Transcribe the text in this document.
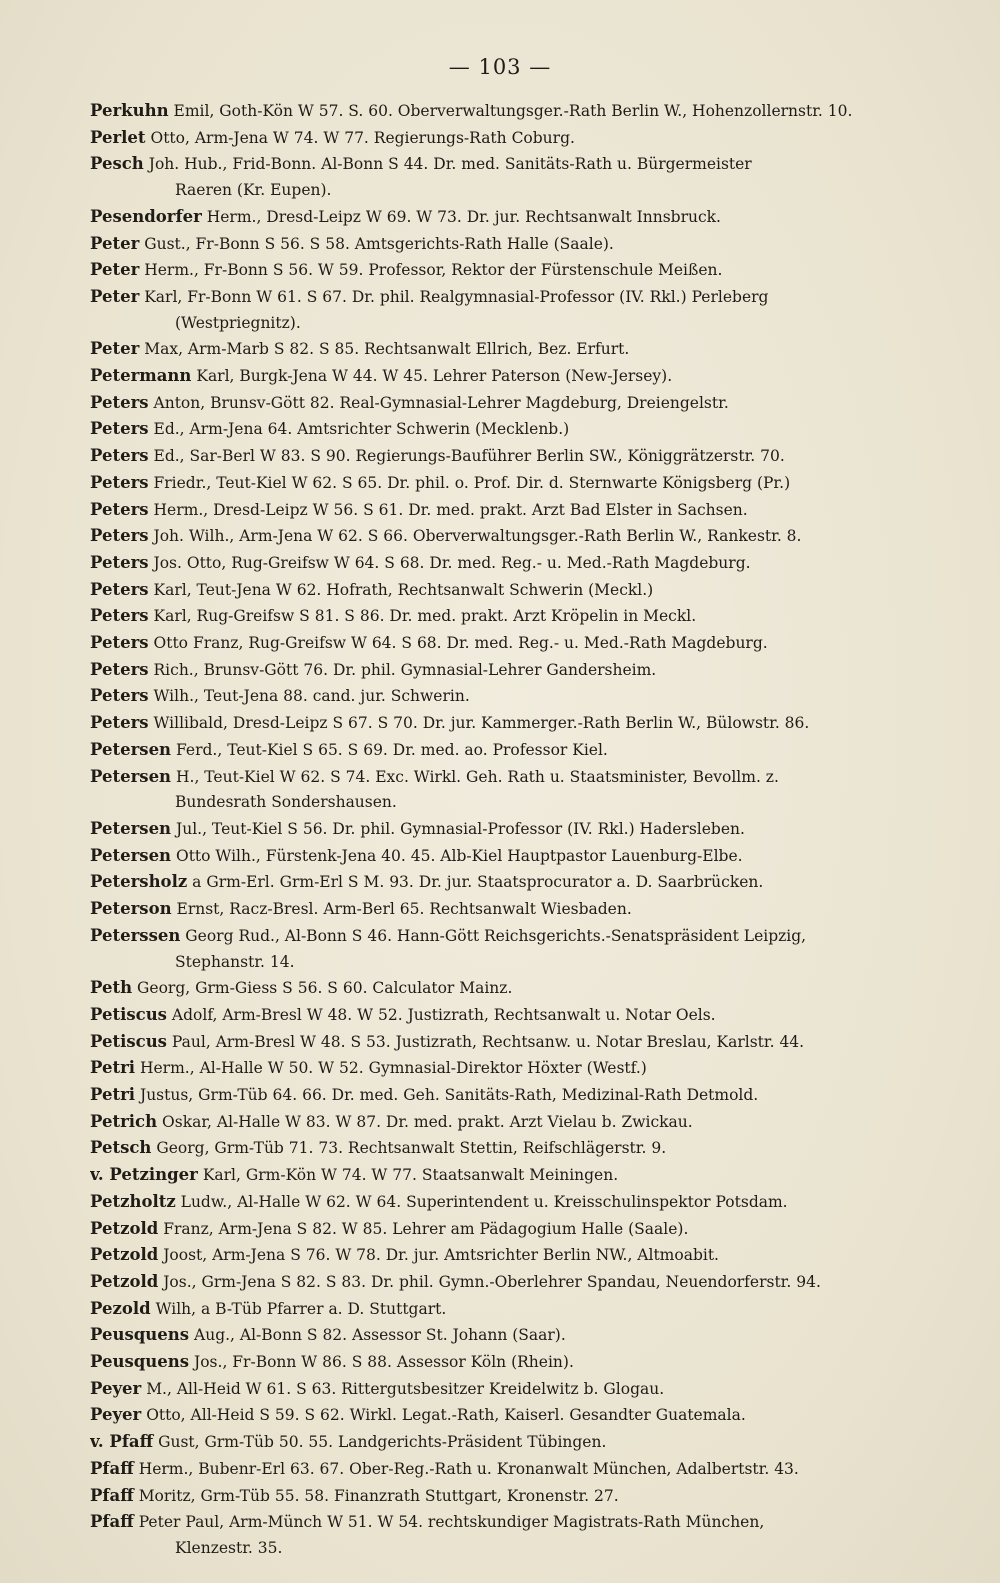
— 103 —
Perkuhn Emil, Goth-Kön W 57. S. 60. Oberverwaltungsger.-Rath Berlin W., Hohenzollernstr. 10.
Perlet Otto, Arm-Jena W 74. W 77. Regierungs-Rath Coburg.
Pesch Joh. Hub., Frid-Bonn. Al-Bonn S 44. Dr. med. Sanitäts-Rath u. Bürgermeister
Raeren (Kr. Eupen).
Pesendorfer Herm., Dresd-Leipz W 69. W 73. Dr. jur. Rechtsanwalt Innsbruck.
Peter Gust., Fr-Bonn S 56. S 58. Amtsgerichts-Rath Halle (Saale).
Peter Herm., Fr-Bonn S 56. W 59. Professor, Rektor der Fürstenschule Meißen.
Peter Karl, Fr-Bonn W 61. S 67. Dr. phil. Realgymnasial-Professor (IV. Rkl.) Perleberg
(Westpriegnitz).
Peter Max, Arm-Marb S 82. S 85. Rechtsanwalt Ellrich, Bez. Erfurt.
Petermann Karl, Burgk-Jena W 44. W 45. Lehrer Paterson (New-Jersey).
Peters Anton, Brunsv-Gött 82. Real-Gymnasial-Lehrer Magdeburg, Dreiengelstr.
Peters Ed., Arm-Jena 64. Amtsrichter Schwerin (Mecklenb.)
Peters Ed., Sar-Berl W 83. S 90. Regierungs-Bauführer Berlin SW., Königgrätzerstr. 70.
Peters Friedr., Teut-Kiel W 62. S 65. Dr. phil. o. Prof. Dir. d. Sternwarte Königsberg (Pr.)
Peters Herm., Dresd-Leipz W 56. S 61. Dr. med. prakt. Arzt Bad Elster in Sachsen.
Peters Joh. Wilh., Arm-Jena W 62. S 66. Oberverwaltungsger.-Rath Berlin W., Rankestr. 8.
Peters Jos. Otto, Rug-Greifsw W 64. S 68. Dr. med. Reg.- u. Med.-Rath Magdeburg.
Peters Karl, Teut-Jena W 62. Hofrath, Rechtsanwalt Schwerin (Meckl.)
Peters Karl, Rug-Greifsw S 81. S 86. Dr. med. prakt. Arzt Kröpelin in Meckl.
Peters Otto Franz, Rug-Greifsw W 64. S 68. Dr. med. Reg.- u. Med.-Rath Magdeburg.
Peters Rich., Brunsv-Gött 76. Dr. phil. Gymnasial-Lehrer Gandersheim.
Peters Wilh., Teut-Jena 88. cand. jur. Schwerin.
Peters Willibald, Dresd-Leipz S 67. S 70. Dr. jur. Kammerger.-Rath Berlin W., Bülowstr. 86.
Petersen Ferd., Teut-Kiel S 65. S 69. Dr. med. ao. Professor Kiel.
Petersen H., Teut-Kiel W 62. S 74. Exc. Wirkl. Geh. Rath u. Staatsminister, Bevollm. z.
Bundesrath Sondershausen.
Petersen Jul., Teut-Kiel S 56. Dr. phil. Gymnasial-Professor (IV. Rkl.) Hadersleben.
Petersen Otto Wilh., Fürstenk-Jena 40. 45. Alb-Kiel Hauptpastor Lauenburg-Elbe.
Petersholz a Grm-Erl. Grm-Erl S M. 93. Dr. jur. Staatsprocurator a. D. Saarbrücken.
Peterson Ernst, Racz-Bresl. Arm-Berl 65. Rechtsanwalt Wiesbaden.
Peterssen Georg Rud., Al-Bonn S 46. Hann-Gött Reichsgerichts.-Senatspräsident Leipzig,
Stephanstr. 14.
Peth Georg, Grm-Giess S 56. S 60. Calculator Mainz.
Petiscus Adolf, Arm-Bresl W 48. W 52. Justizrath, Rechtsanwalt u. Notar Oels.
Petiscus Paul, Arm-Bresl W 48. S 53. Justizrath, Rechtsanw. u. Notar Breslau, Karlstr. 44.
Petri Herm., Al-Halle W 50. W 52. Gymnasial-Direktor Höxter (Westf.)
Petri Justus, Grm-Tüb 64. 66. Dr. med. Geh. Sanitäts-Rath, Medizinal-Rath Detmold.
Petrich Oskar, Al-Halle W 83. W 87. Dr. med. prakt. Arzt Vielau b. Zwickau.
Petsch Georg, Grm-Tüb 71. 73. Rechtsanwalt Stettin, Reifschlägerstr. 9.
v. Petzinger Karl, Grm-Kön W 74. W 77. Staatsanwalt Meiningen.
Petzholtz Ludw., Al-Halle W 62. W 64. Superintendent u. Kreisschulinspektor Potsdam.
Petzold Franz, Arm-Jena S 82. W 85. Lehrer am Pädagogium Halle (Saale).
Petzold Joost, Arm-Jena S 76. W 78. Dr. jur. Amtsrichter Berlin NW., Altmoabit.
Petzold Jos., Grm-Jena S 82. S 83. Dr. phil. Gymn.-Oberlehrer Spandau, Neuendorferstr. 94.
Pezold Wilh, a B-Tüb Pfarrer a. D. Stuttgart.
Peusquens Aug., Al-Bonn S 82. Assessor St. Johann (Saar).
Peusquens Jos., Fr-Bonn W 86. S 88. Assessor Köln (Rhein).
Peyer M., All-Heid W 61. S 63. Rittergutsbesitzer Kreidelwitz b. Glogau.
Peyer Otto, All-Heid S 59. S 62. Wirkl. Legat.-Rath, Kaiserl. Gesandter Guatemala.
v. Pfaff Gust, Grm-Tüb 50. 55. Landgerichts-Präsident Tübingen.
Pfaff Herm., Bubenr-Erl 63. 67. Ober-Reg.-Rath u. Kronanwalt München, Adalbertstr. 43.
Pfaff Moritz, Grm-Tüb 55. 58. Finanzrath Stuttgart, Kronenstr. 27.
Pfaff Peter Paul, Arm-Münch W 51. W 54. rechtskundiger Magistrats-Rath München,
Klenzestr. 35.
